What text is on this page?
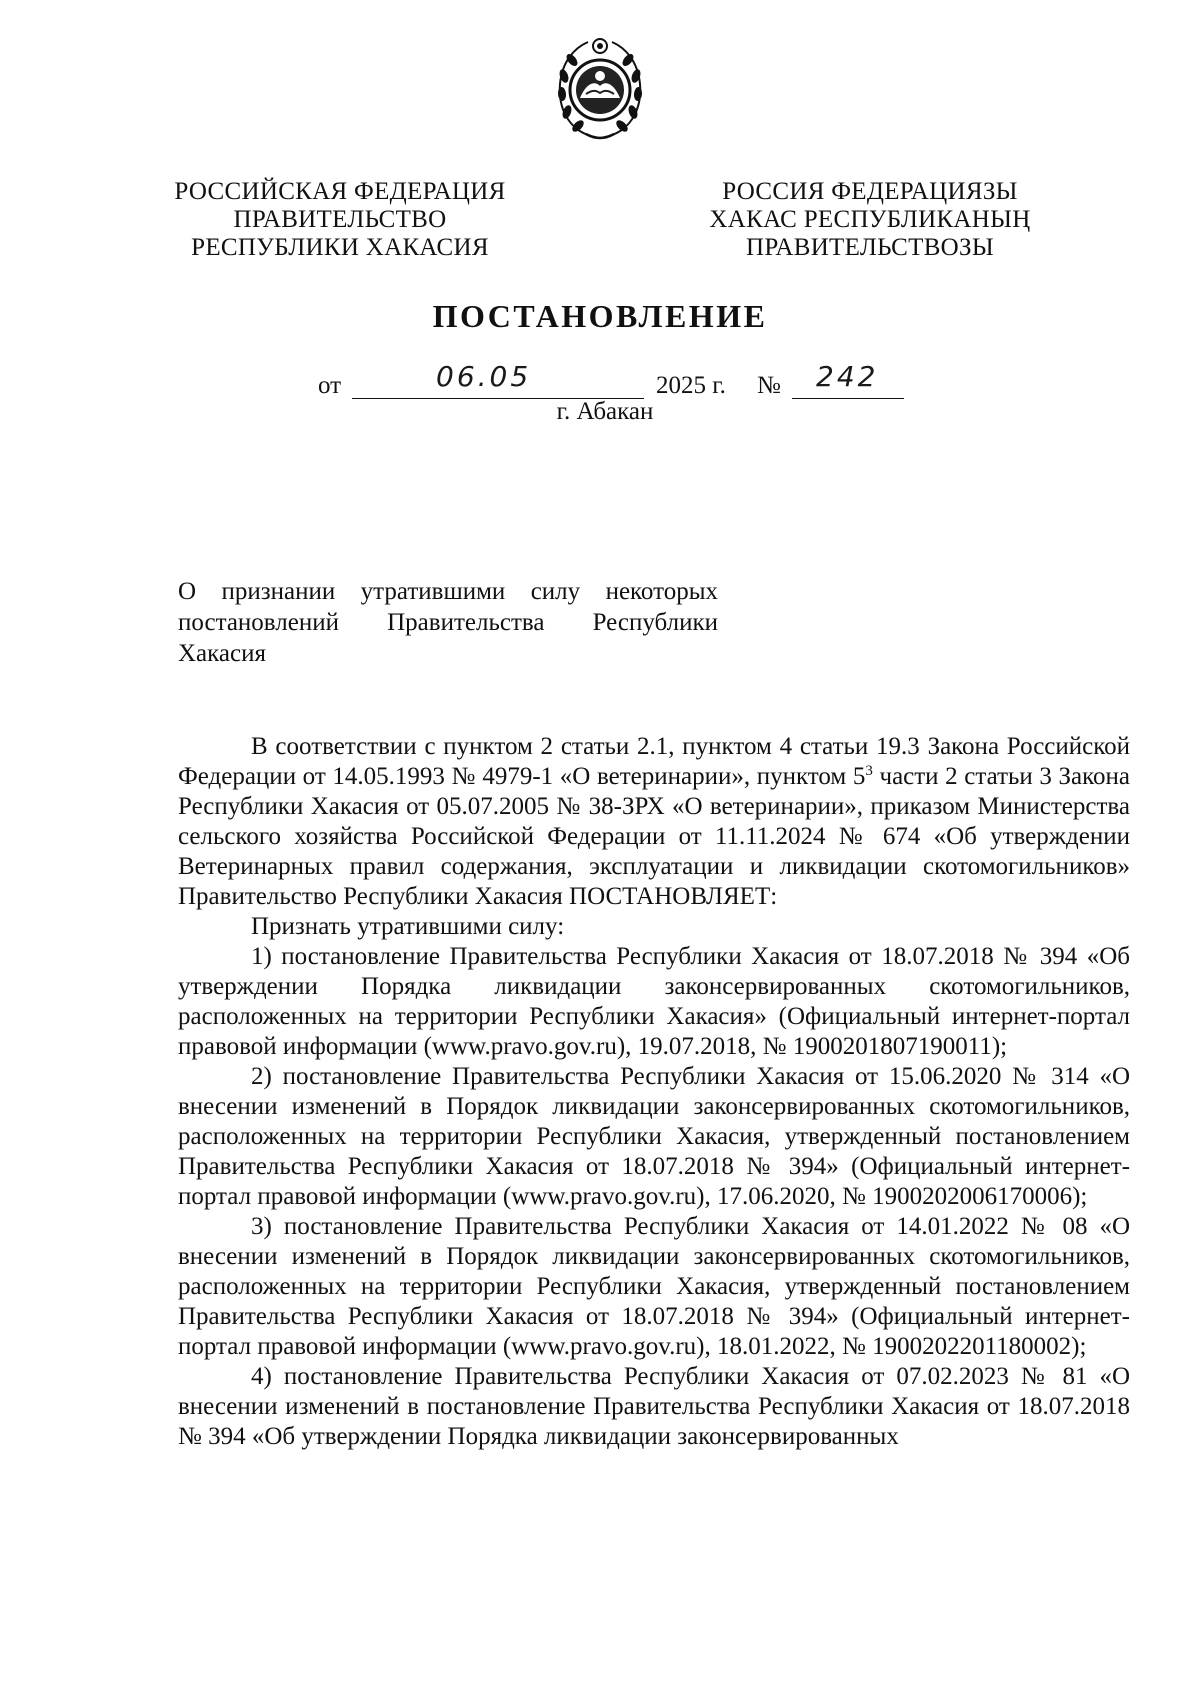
РОССИЙСКАЯ ФЕДЕРАЦИЯ
ПРАВИТЕЛЬСТВО
РЕСПУБЛИКИ ХАКАСИЯ
РОССИЯ ФЕДЕРАЦИЯЗЫ
ХАКАС РЕСПУБЛИКАНЫҢ
ПРАВИТЕЛЬСТВОЗЫ
ПОСТАНОВЛЕНИЕ
от	06.05	2025 г. № 242
г. Абакан
О признании утратившими силу некоторых
постановлений Правительства Республики
Хакасия

В соответствии с пунктом 2 статьи 2.1, пунктом 4 статьи 19.3 Закона Российской Федерации от 14.05.1993 № 4979-1 «О ветеринарии», пунктом $5^3$ части 2 статьи 3 Закона Республики Хакасия от 05.07.2005 № 38-ЗРХ «О ветеринарии», приказом Министерства сельского хозяйства Российской Федерации от 11.11.2024 № 674 «Об утверждении Ветеринарных правил содержания, эксплуатации и ликвидации скотомогильников» Правительство Республики Хакасия ПОСТАНОВЛЯЕТ:

Признать утратившими силу:

1) постановление Правительства Республики Хакасия от 18.07.2018 № 394 «Об утверждении Порядка ликвидации законсервированных скотомогильников, расположенных на территории Республики Хакасия» (Официальный интернет-портал правовой информации (www.pravo.gov.ru), 19.07.2018, № 1900201807190011);

2) постановление Правительства Республики Хакасия от 15.06.2020 № 314 «О внесении изменений в Порядок ликвидации законсервированных скотомогильников, расположенных на территории Республики Хакасия, утвержденный постановлением Правительства Республики Хакасия от 18.07.2018 № 394» (Официальный интернет-портал правовой информации (www.pravo.gov.ru), 17.06.2020, № 1900202006170006);

3) постановление Правительства Республики Хакасия от 14.01.2022 № 08 «О внесении изменений в Порядок ликвидации законсервированных скотомогильников, расположенных на территории Республики Хакасия, утвержденный постановлением Правительства Республики Хакасия от 18.07.2018 № 394» (Официальный интернет-портал правовой информации (www.pravo.gov.ru), 18.01.2022, № 1900202201180002);

4) постановление Правительства Республики Хакасия от 07.02.2023 № 81 «О внесении изменений в постановление Правительства Республики Хакасия от 18.07.2018 № 394 «Об утверждении Порядка ликвидации законсервированных
